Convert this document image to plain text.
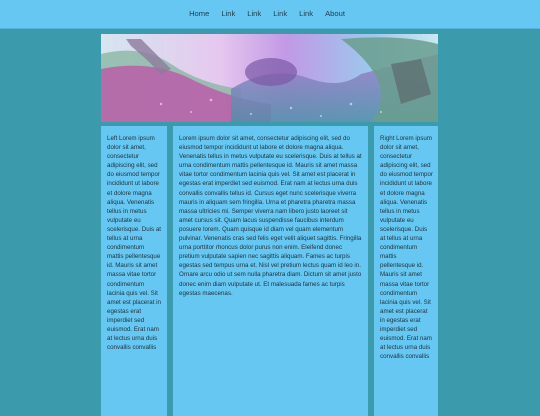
Home	Link	Link	Link	Link	About

Left Lorem ipsum dolor sit amet, consectetur adipiscing elit, sed do eiusmod tempor incididunt ut labore et dolore magna aliqua. Venenatis tellus in metus vulputate eu scelerisque. Duis at tellus at urna condimentum mattis pellentesque id. Mauris sit amet massa vitae tortor condimentum lacinia quis vel. Sit amet est placerat in egestas erat imperdiet sed euismod. Erat nam at lectus urna duis convallis convallis

Lorem ipsum dolor sit amet, consectetur adipiscing elit, sed do eiusmod tempor incididunt ut labore et dolore magna aliqua. Venenatis tellus in metus vulputate eu scelerisque. Duis at tellus at urna condimentum mattis pellentesque id. Mauris sit amet massa vitae tortor condimentum lacinia quis vel. Sit amet est placerat in egestas erat imperdiet sed euismod. Erat nam at lectus urna duis convallis convallis tellus id. Cursus eget nunc scelerisque viverra mauris in aliquam sem fringilla. Urna et pharetra pharetra massa massa ultricies mi. Semper viverra nam libero justo laoreet sit amet cursus sit. Quam lacus suspendisse faucibus interdum posuere lorem. Quam quisque id diam vel quam elementum pulvinar. Venenatis cras sed felis eget velit aliquet sagittis. Fringilla urna porttitor rhoncus dolor purus non enim. Eleifend donec pretium vulputate sapien nec sagittis aliquam. Fames ac turpis egestas sed tempus urna et. Nisl vel pretium lectus quam id leo in. Ornare arcu odio ut sem nulla pharetra diam. Dictum sit amet justo donec enim diam vulputate ut. Et malesuada fames ac turpis egestas maecenas.

Right Lorem ipsum dolor sit amet, consectetur adipiscing elit, sed do eiusmod tempor incididunt ut labore et dolore magna aliqua. Venenatis tellus in metus vulputate eu scelerisque. Duis at tellus at urna condimentum mattis pellentesque id. Mauris sit amet massa vitae tortor condimentum lacinia quis vel. Sit amet est placerat in egestas erat imperdiet sed euismod. Erat nam at lectus urna duis convallis convallis
